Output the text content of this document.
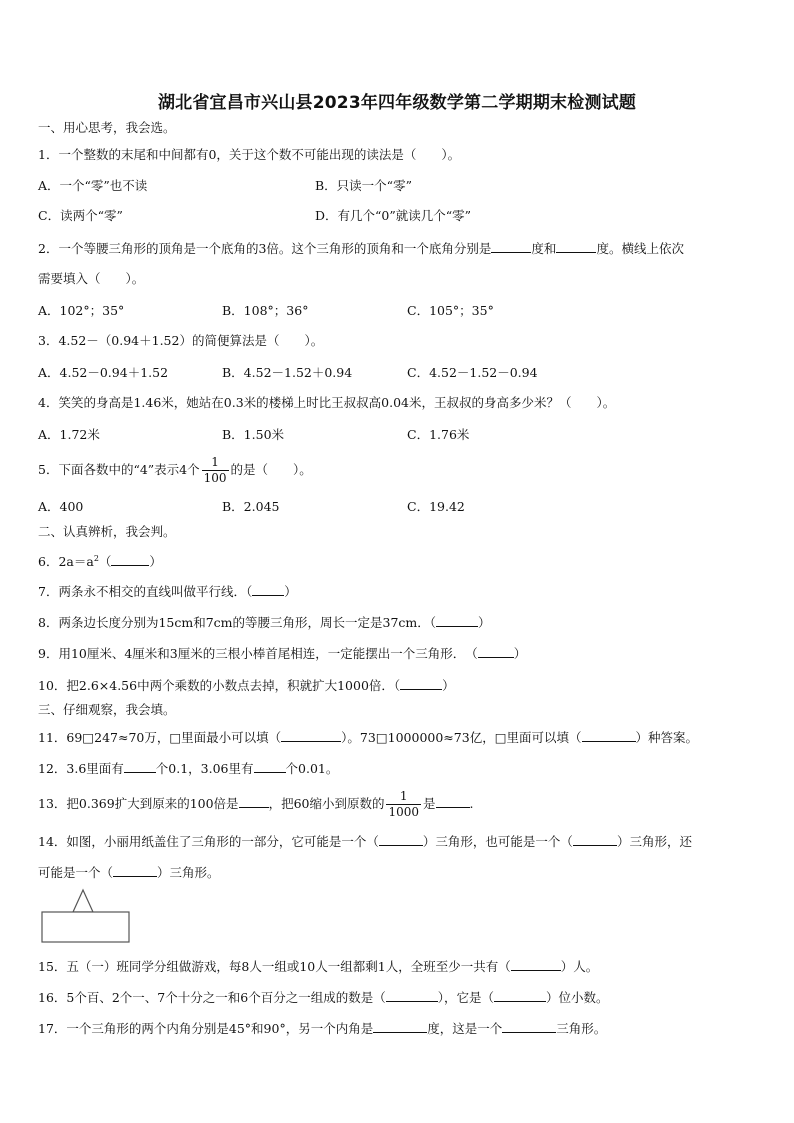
湖北省宜昌市兴山县2023年四年级数学第二学期期末检测试题
一、用心思考，我会选。
1．一个整数的末尾和中间都有0，关于这个数不可能出现的读法是（　　）。
A．一个“零”也不读	B．只读一个“零”
C．读两个“零”	D．有几个“0”就读几个“零”
2．一个等腰三角形的顶角是一个底角的3倍。这个三角形的顶角和一个底角分别是	度和	度。横线上依次
需要填入（　　）。
A．102°；35°	B．108°；36°	C．105°；35°
3．4.52－（0.94＋1.52）的简便算法是（　　）。
A．4.52－0.94＋1.52	B．4.52－1.52＋0.94	C．4.52－1.52－0.94
4．笑笑的身高是1.46米，她站在0.3米的楼梯上时比王叔叔高0.04米，王叔叔的身高多少米？（　　）。
A．1.72米	B．1.50米	C．1.76米
5．下面各数中的“4”表示4个 $\frac{1}{100}$ 的是（　　）。
A．400	B．2.045	C．19.42
二、认真辨析，我会判。
6．$2a=a^2$（	）
7．两条永不相交的直线叫做平行线．（	）
8．两条边长度分别为15cm和7cm的等腰三角形，周长一定是37cm．（	）
9．用10厘米、4厘米和3厘米的三根小棒首尾相连，一定能摆出一个三角形．　（	）
10．把2.6×4.56中两个乘数的小数点去掉，积就扩大1000倍．（	）
三、仔细观察，我会填。
11．69□247≈70万，□里面最小可以填（	）。73□1000000≈73亿，□里面可以填（	）种答案。
12．3.6里面有	个0.1，3.06里有	个0.01。
13．把0.369扩大到原来的100倍是 ，把60缩小到原数的 $\frac{1}{1000}$ 是	.
14．如图，小丽用纸盖住了三角形的一部分，它可能是一个（	）三角形，也可能是一个（	）三角形，还
可能是一个（	）三角形。
15．五（一）班同学分组做游戏，每8人一组或10人一组都剩1人，全班至少一共有（	）人。
16．5个百、2个一、7个十分之一和6个百分之一组成的数是（	），它是（	）位小数。
17．一个三角形的两个内角分别是45°和90°，另一个内角是	度，这是一个	三角形。
